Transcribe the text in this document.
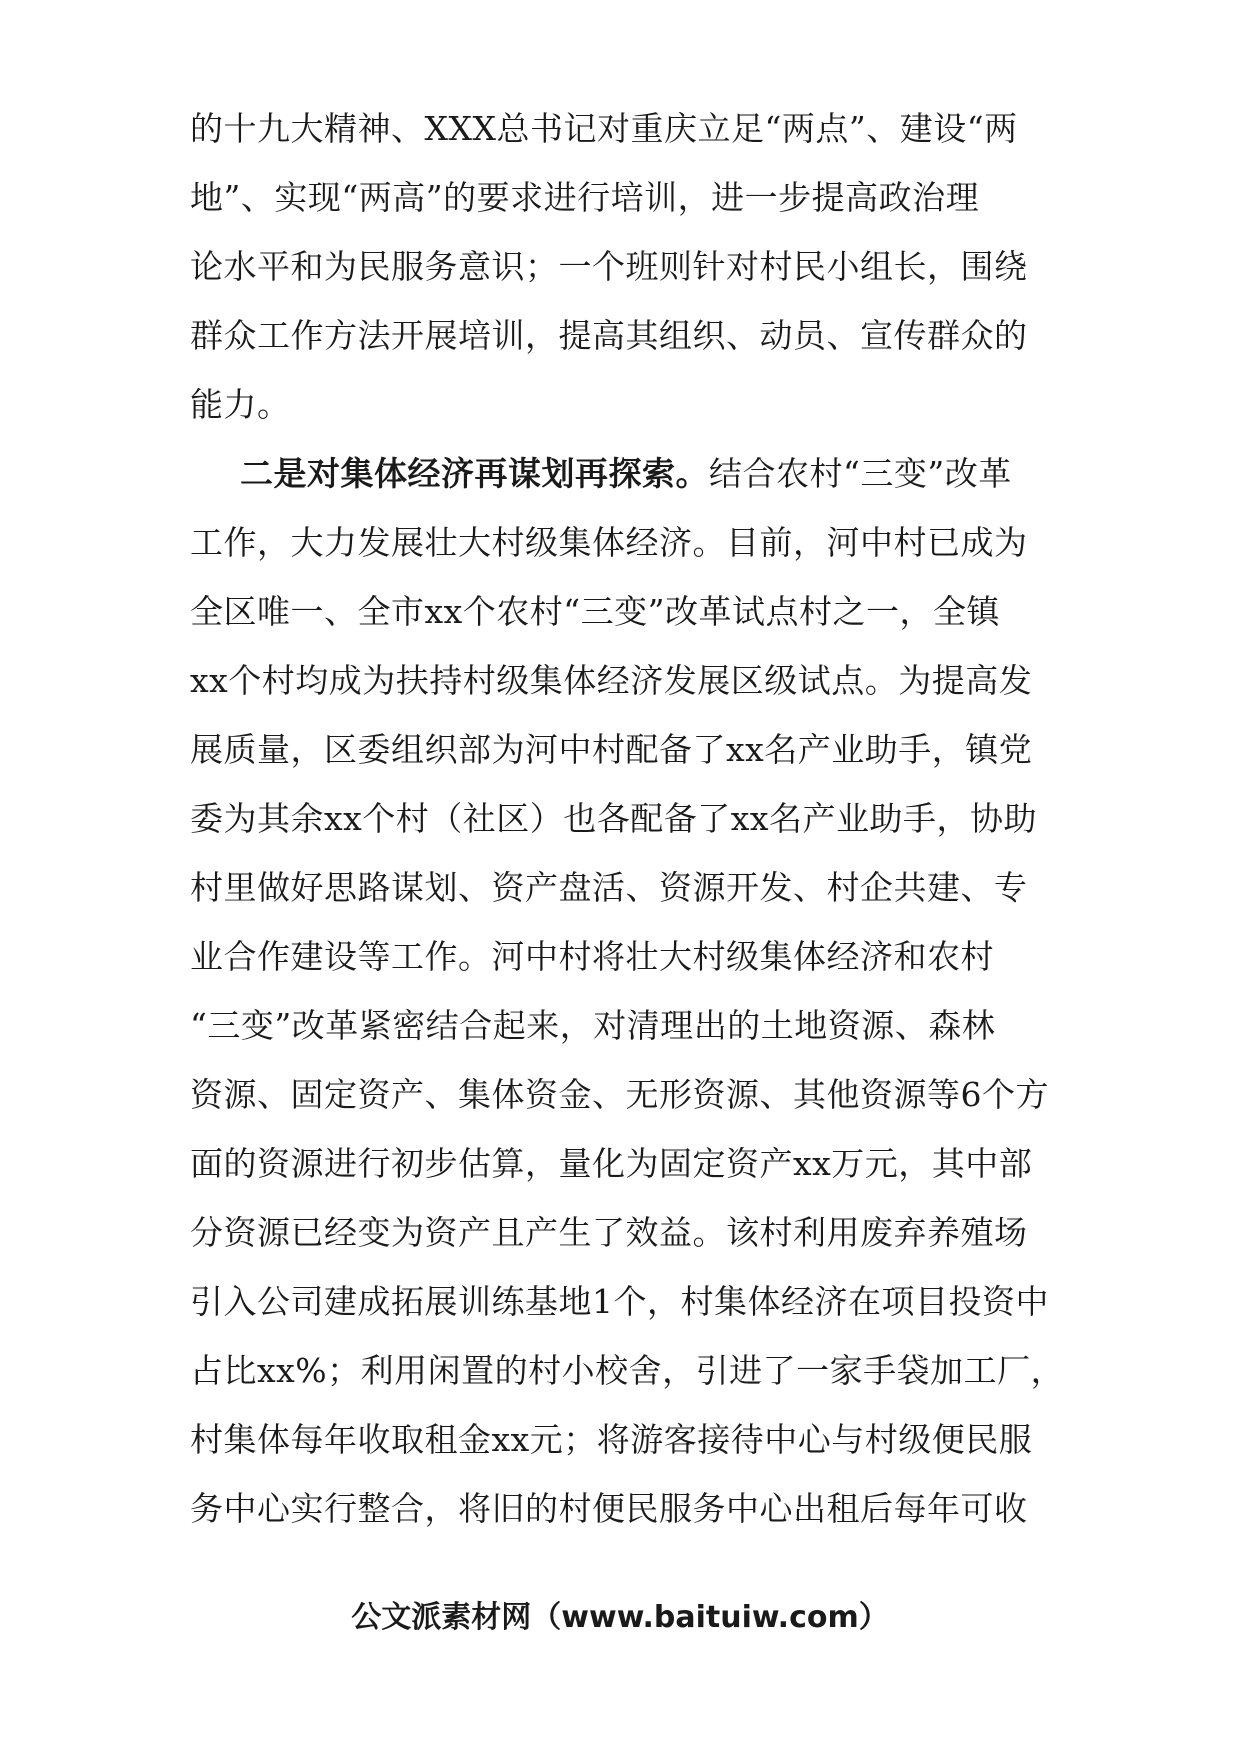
的十九大精神、XXX总书记对重庆立足“两点”、建设“两
地”、实现“两高”的要求进行培训，进一步提高政治理
论水平和为民服务意识；一个班则针对村民小组长，围绕
群众工作方法开展培训，提高其组织、动员、宣传群众的
能力。
二是对集体经济再谋划再探索。结合农村“三变”改革
工作，大力发展壮大村级集体经济。目前，河中村已成为
全区唯一、全市xx个农村“三变”改革试点村之一，全镇
xx个村均成为扶持村级集体经济发展区级试点。为提高发
展质量，区委组织部为河中村配备了xx名产业助手，镇党
委为其余xx个村（社区）也各配备了xx名产业助手，协助
村里做好思路谋划、资产盘活、资源开发、村企共建、专
业合作建设等工作。河中村将壮大村级集体经济和农村
“三变”改革紧密结合起来，对清理出的土地资源、森林
资源、固定资产、集体资金、无形资源、其他资源等6个方
面的资源进行初步估算，量化为固定资产xx万元，其中部
分资源已经变为资产且产生了效益。该村利用废弃养殖场
引入公司建成拓展训练基地1个，村集体经济在项目投资中
占比xx%；利用闲置的村小校舍，引进了一家手袋加工厂，
村集体每年收取租金xx元；将游客接待中心与村级便民服
务中心实行整合，将旧的村便民服务中心出租后每年可收
公文派素材网（www.baituiw.com）
